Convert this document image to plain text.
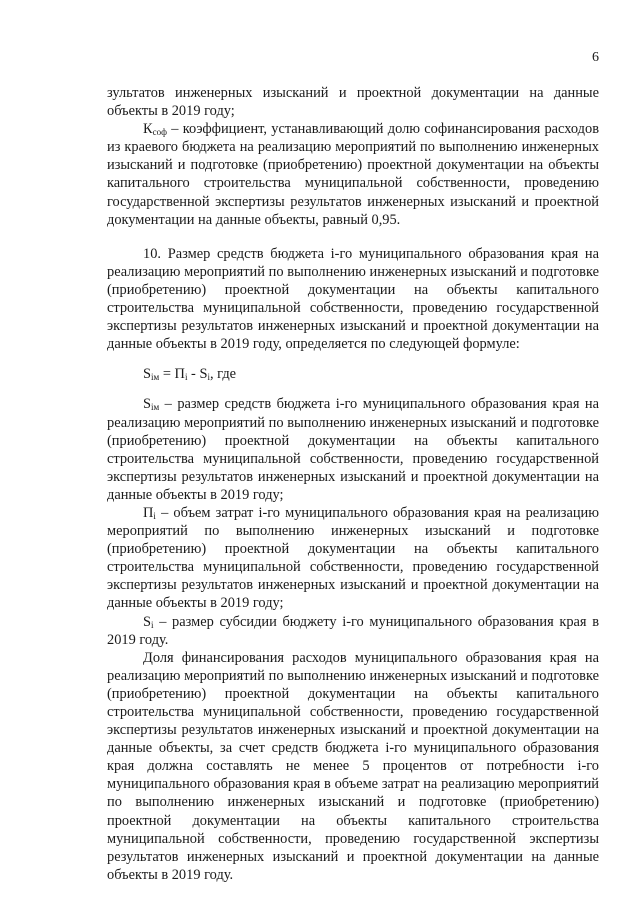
6

зультатов инженерных изысканий и проектной документации на данные объекты в 2019 году;

$К_{соф}$ – коэффициент, устанавливающий долю софинансирования расходов из краевого бюджета на реализацию мероприятий по выполнению инженерных изысканий и подготовке (приобретению) проектной документации на объекты капитального строительства муниципальной собственности, проведению государственной экспертизы результатов инженерных изысканий и проектной документации на данные объекты, равный 0,95.

10. Размер средств бюджета i-го муниципального образования края на реализацию мероприятий по выполнению инженерных изысканий и подготовке (приобретению) проектной документации на объекты капитального строительства муниципальной собственности, проведению государственной экспертизы результатов инженерных изысканий и проектной документации на данные объекты в 2019 году, определяется по следующей формуле:

$S_{iм} = П_i - S_i$, где

$S_{iм}$ – размер средств бюджета i-го муниципального образования края на реализацию мероприятий по выполнению инженерных изысканий и подготовке (приобретению) проектной документации на объекты капитального строительства муниципальной собственности, проведению государственной экспертизы результатов инженерных изысканий и проектной документации на данные объекты в 2019 году;

$П_i$ – объем затрат i-го муниципального образования края на реализацию мероприятий по выполнению инженерных изысканий и подготовке (приобретению) проектной документации на объекты капитального строительства муниципальной собственности, проведению государственной экспертизы результатов инженерных изысканий и проектной документации на данные объекты в 2019 году;

$S_i$ – размер субсидии бюджету i-го муниципального образования края в 2019 году.

Доля финансирования расходов муниципального образования края на реализацию мероприятий по выполнению инженерных изысканий и подготовке (приобретению) проектной документации на объекты капитального строительства муниципальной собственности, проведению государственной экспертизы результатов инженерных изысканий и проектной документации на данные объекты, за счет средств бюджета i-го муниципального образования края должна составлять не менее 5 процентов от потребности i-го муниципального образования края в объеме затрат на реализацию мероприятий по выполнению инженерных изысканий и подготовке (приобретению) проектной документации на объекты капитального строительства муниципальной собственности, проведению государственной экспертизы результатов инженерных изысканий и проектной документации на данные объекты в 2019 году.
